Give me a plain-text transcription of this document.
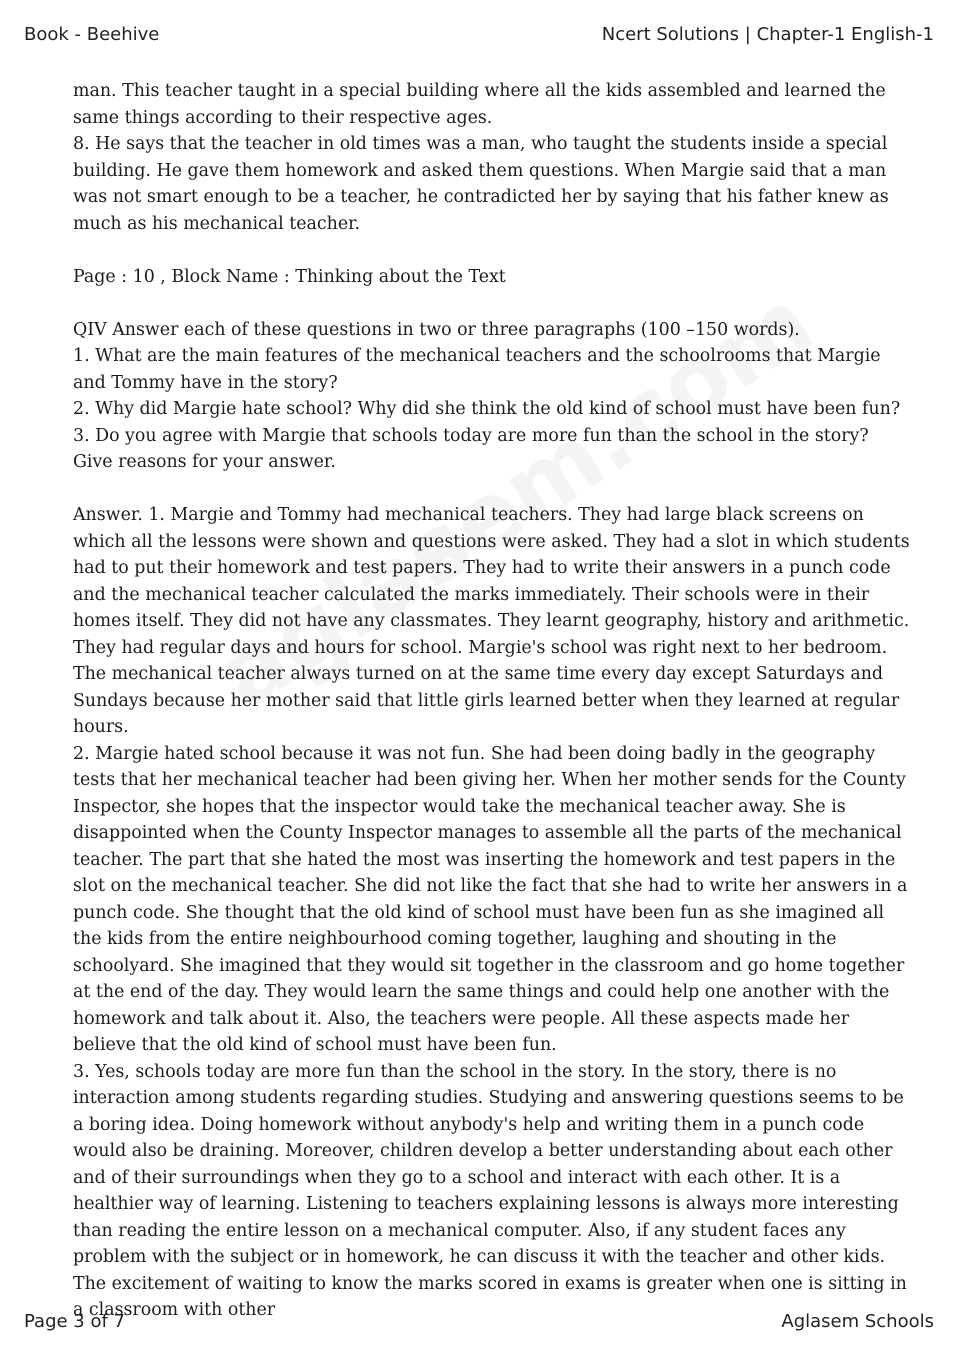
Book - Beehive	Ncert Solutions | Chapter-1 English-1

man. This teacher taught in a special building where all the kids assembled and learned the same things according to their respective ages.

8. He says that the teacher in old times was a man, who taught the students inside a special building. He gave them homework and asked them questions. When Margie said that a man was not smart enough to be a teacher, he contradicted her by saying that his father knew as much as his mechanical teacher.

Page : 10 , Block Name : Thinking about the Text

QIV Answer each of these questions in two or three paragraphs (100 –150 words).

1. What are the main features of the mechanical teachers and the schoolrooms that Margie and Tommy have in the story?

2. Why did Margie hate school? Why did she think the old kind of school must have been fun?

3. Do you agree with Margie that schools today are more fun than the school in the story? Give reasons for your answer.

Answer. 1. Margie and Tommy had mechanical teachers. They had large black screens on which all the lessons were shown and questions were asked. They had a slot in which students had to put their homework and test papers. They had to write their answers in a punch code and the mechanical teacher calculated the marks immediately. Their schools were in their homes itself. They did not have any classmates. They learnt geography, history and arithmetic. They had regular days and hours for school. Margie's school was right next to her bedroom. The mechanical teacher always turned on at the same time every day except Saturdays and Sundays because her mother said that little girls learned better when they learned at regular hours.

2. Margie hated school because it was not fun. She had been doing badly in the geography tests that her mechanical teacher had been giving her. When her mother sends for the County Inspector, she hopes that the inspector would take the mechanical teacher away. She is disappointed when the County Inspector manages to assemble all the parts of the mechanical teacher. The part that she hated the most was inserting the homework and test papers in the slot on the mechanical teacher. She did not like the fact that she had to write her answers in a punch code. She thought that the old kind of school must have been fun as she imagined all the kids from the entire neighbourhood coming together, laughing and shouting in the schoolyard. She imagined that they would sit together in the classroom and go home together at the end of the day. They would learn the same things and could help one another with the homework and talk about it. Also, the teachers were people. All these aspects made her believe that the old kind of school must have been fun.

3. Yes, schools today are more fun than the school in the story. In the story, there is no interaction among students regarding studies. Studying and answering questions seems to be a boring idea. Doing homework without anybody's help and writing them in a punch code would also be draining. Moreover, children develop a better understanding about each other and of their surroundings when they go to a school and interact with each other. It is a healthier way of learning. Listening to teachers explaining lessons is always more interesting than reading the entire lesson on a mechanical computer. Also, if any student faces any problem with the subject or in homework, he can discuss it with the teacher and other kids. The excitement of waiting to know the marks scored in exams is greater when one is sitting in a classroom with other

Page 3 of 7	Aglasem Schools
